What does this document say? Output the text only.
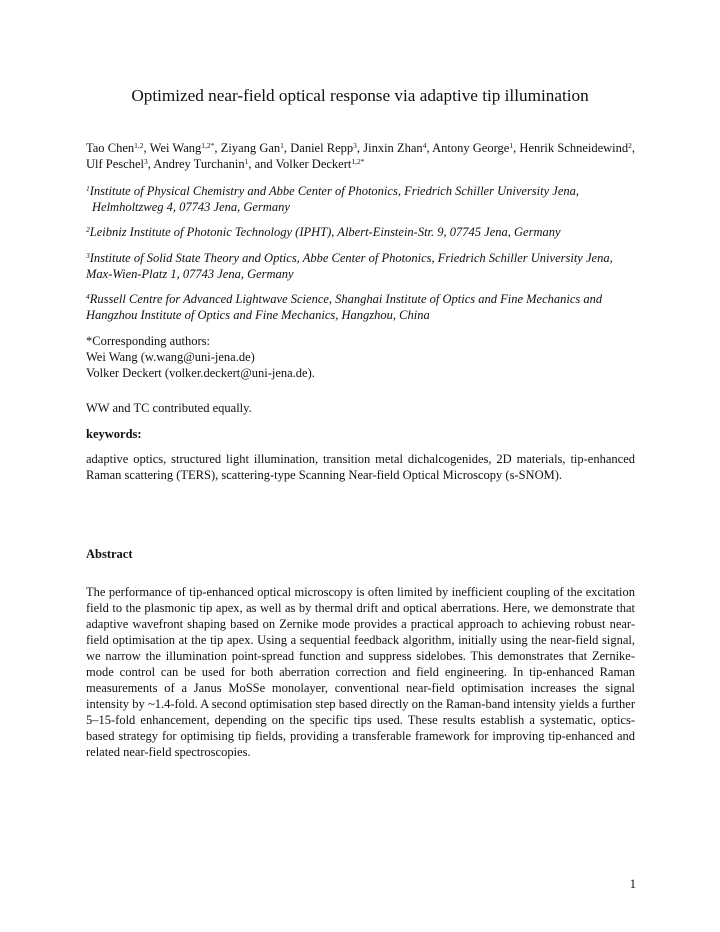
Optimized near-field optical response via adaptive tip illumination
Tao Chen$^{1,2}$, Wei Wang$^{1,2*}$, Ziyang Gan$^1$, Daniel Repp$^3$, Jinxin Zhan$^4$, Antony George$^1$, Henrik Schneidewind$^2$, Ulf Peschel$^3$, Andrey Turchanin$^1$, and Volker Deckert$^{1,2*}$

$^1$Institute of Physical Chemistry and Abbe Center of Photonics, Friedrich Schiller University Jena,

Helmholtzweg 4, 07743 Jena, Germany

$^2$Leibniz Institute of Photonic Technology (IPHT), Albert-Einstein-Str. 9, 07745 Jena, Germany

$^3$Institute of Solid State Theory and Optics, Abbe Center of Photonics, Friedrich Schiller University Jena, Max-Wien-Platz 1, 07743 Jena, Germany

$^4$Russell Centre for Advanced Lightwave Science, Shanghai Institute of Optics and Fine Mechanics and Hangzhou Institute of Optics and Fine Mechanics, Hangzhou, China

*Corresponding authors:
Wei Wang (w.wang@uni-jena.de)
Volker Deckert (volker.deckert@uni-jena.de).
WW and TC contributed equally.
keywords:
adaptive optics, structured light illumination, transition metal dichalcogenides, 2D materials, tip-enhanced Raman scattering (TERS), scattering-type Scanning Near-field Optical Microscopy (s-SNOM).
Abstract
The performance of tip-enhanced optical microscopy is often limited by inefficient coupling of the excitation field to the plasmonic tip apex, as well as by thermal drift and optical aberrations. Here, we demonstrate that adaptive wavefront shaping based on Zernike mode provides a practical approach to achieving robust near-field optimisation at the tip apex. Using a sequential feedback algorithm, initially using the near-field signal, we narrow the illumination point-spread function and suppress sidelobes. This demonstrates that Zernike-mode control can be used for both aberration correction and field engineering. In tip-enhanced Raman measurements of a Janus MoSSe monolayer, conventional near-field optimisation increases the signal intensity by ~1.4-fold. A second optimisation step based directly on the Raman-band intensity yields a further 5–15-fold enhancement, depending on the specific tips used. These results establish a systematic, optics-based strategy for optimising tip fields, providing a transferable framework for improving tip-enhanced and related near-field spectroscopies.
1
